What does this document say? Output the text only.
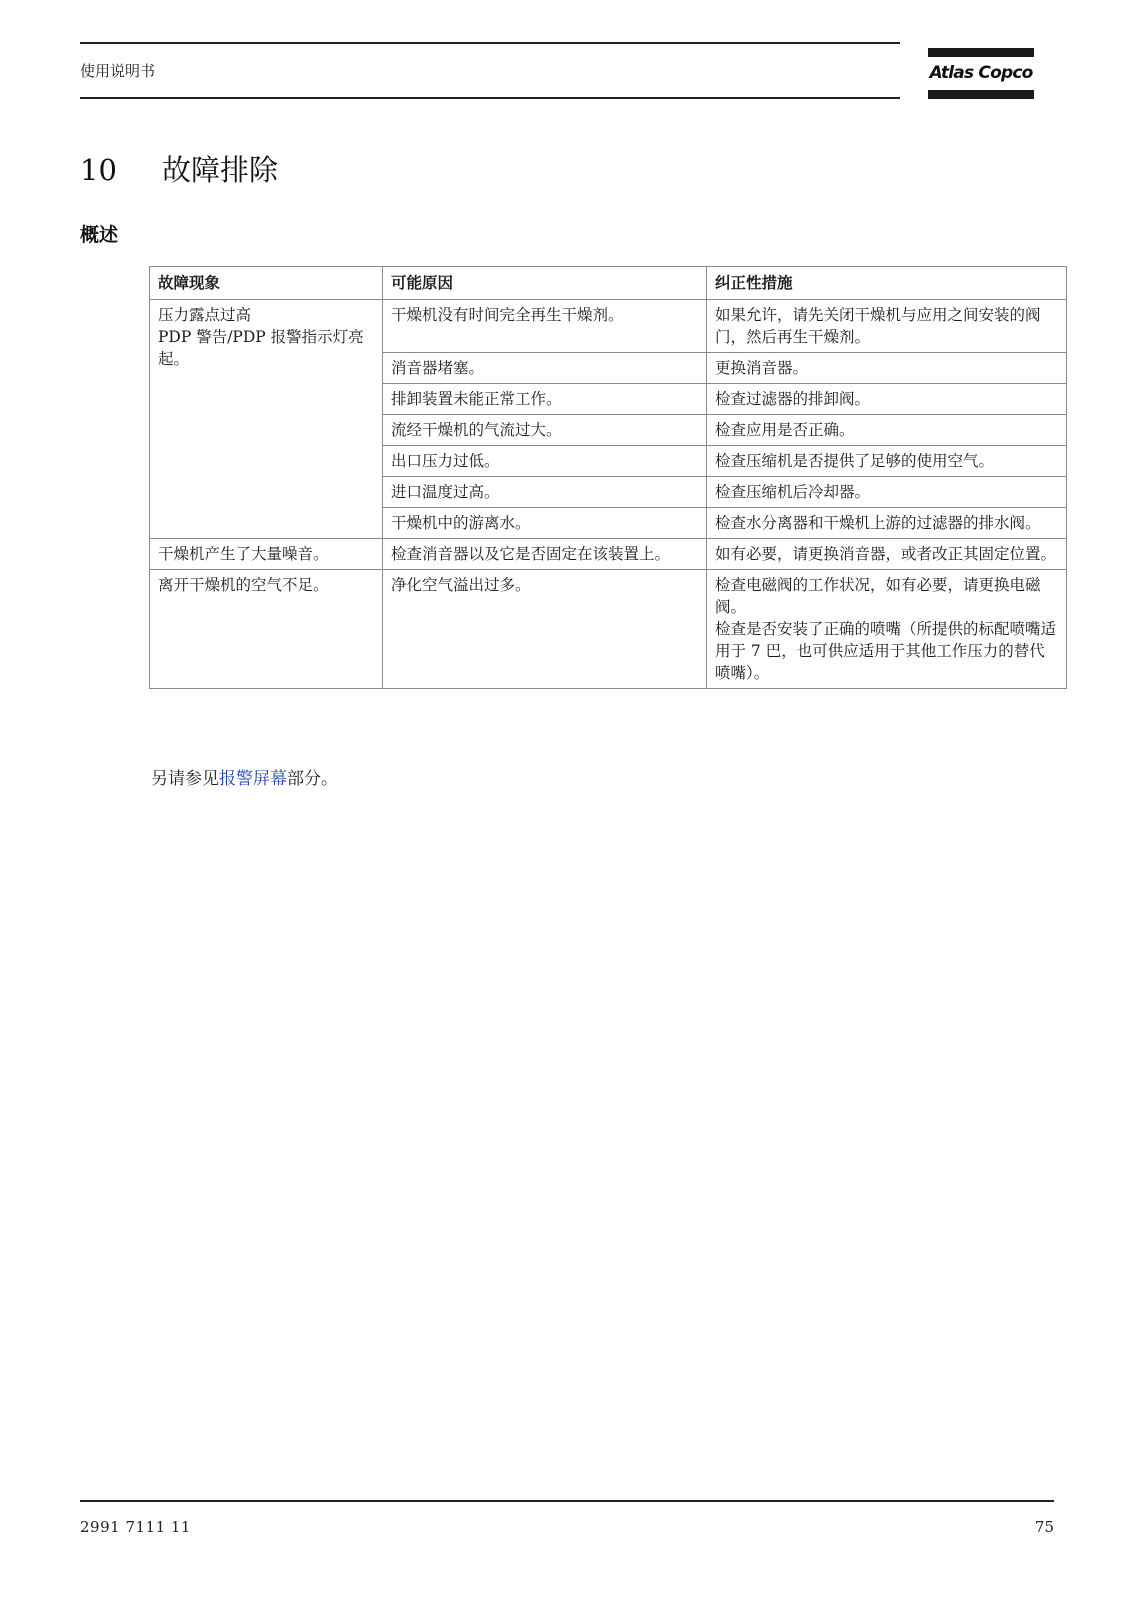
使用说明书	Atlas Copco
10 故障排除
概述
故障现象	可能原因	纠正性措施

压力露点过高
PDP 警告/PDP 报警指示灯亮起。	干燥机没有时间完全再生干燥剂。	如果允许，请先关闭干燥机与应用之间安装的阀门，然后再生干燥剂。

	消音器堵塞。	更换消音器。

	排卸装置未能正常工作。	检查过滤器的排卸阀。

	流经干燥机的气流过大。	检查应用是否正确。

	出口压力过低。	检查压缩机是否提供了足够的使用空气。

	进口温度过高。	检查压缩机后冷却器。

	干燥机中的游离水。	检查水分离器和干燥机上游的过滤器的排水阀。

干燥机产生了大量噪音。	检查消音器以及它是否固定在该装置上。	如有必要，请更换消音器，或者改正其固定位置。

离开干燥机的空气不足。	净化空气溢出过多。	检查电磁阀的工作状况，如有必要，请更换电磁阀。
检查是否安装了正确的喷嘴（所提供的标配喷嘴适用于 7 巴，也可供应适用于其他工作压力的替代喷嘴）。
另请参见报警屏幕部分。
2991 7111 11	75
